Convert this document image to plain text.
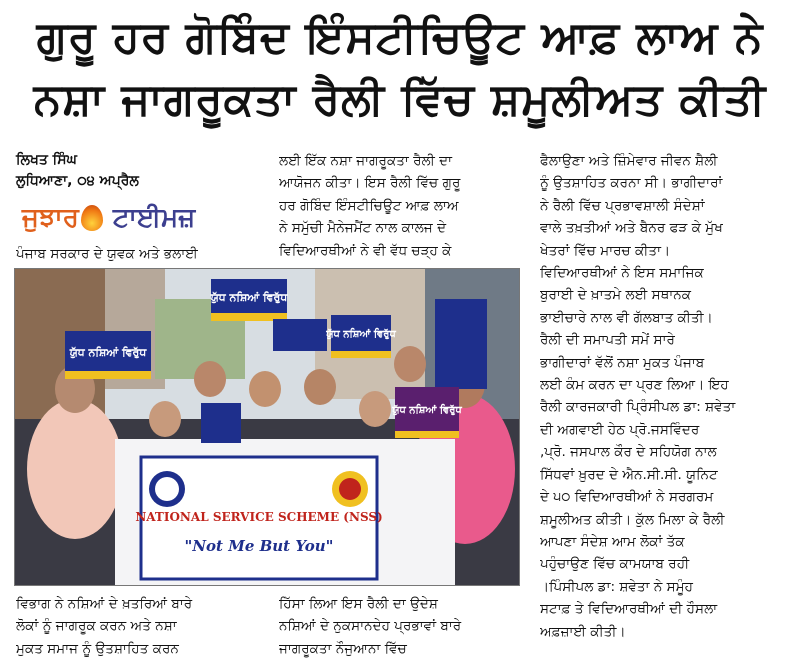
ਗੁਰੂ ਹਰ ਗੋਬਿੰਦ ਇੰਸਟੀਚਿਊਟ ਆਫ਼ ਲਾਅ ਨੇ
ਨਸ਼ਾ ਜਾਗਰੂਕਤਾ ਰੈਲੀ ਵਿੱਚ ਸ਼ਮੂਲੀਅਤ ਕੀਤੀ
ਲਿਖਤ ਸਿੰਘ
ਲੁਧਿਆਣਾ, ੦੪ ਅਪ੍ਰੈਲ
ਜੁਝਾਰ ਟਾਈਮਜ਼

ਪੰਜਾਬ ਸਰਕਾਰ ਦੇ ਯੁਵਕ ਅਤੇ ਭਲਾਈ

ਲਈ ਇੱਕ ਨਸ਼ਾ ਜਾਗਰੂਕਤਾ ਰੈਲੀ ਦਾ

ਆਯੋਜਨ ਕੀਤਾ। ਇਸ ਰੈਲੀ ਵਿੱਚ ਗੁਰੂ

ਹਰ ਗੋਬਿੰਦ ਇੰਸਟੀਚਿਊਟ ਆਫ਼ ਲਾਅ

ਨੇ ਸਮੁੱਚੀ ਮੈਨੇਜਮੈਂਟ ਨਾਲ ਕਾਲਜ ਦੇ

ਵਿਦਿਆਰਥੀਆਂ ਨੇ ਵੀ ਵੱਧ ਚੜ੍ਹ ਕੇ

ਫੈਲਾਉਣਾ ਅਤੇ ਜ਼ਿੰਮੇਵਾਰ ਜੀਵਨ ਸ਼ੈਲੀ

ਨੂੰ ਉਤਸ਼ਾਹਿਤ ਕਰਨਾ ਸੀ। ਭਾਗੀਦਾਰਾਂ

ਨੇ ਰੈਲੀ ਵਿੱਚ ਪ੍ਰਭਾਵਸ਼ਾਲੀ ਸੰਦੇਸ਼ਾਂ

ਵਾਲੇ ਤਖ਼ਤੀਆਂ ਅਤੇ ਬੈਨਰ ਫੜ ਕੇ ਮੁੱਖ

ਖੇਤਰਾਂ ਵਿੱਚ ਮਾਰਚ ਕੀਤਾ।

ਵਿਦਿਆਰਥੀਆਂ ਨੇ ਇਸ ਸਮਾਜਿਕ

ਬੁਰਾਈ ਦੇ ਖ਼ਾਤਮੇ ਲਈ ਸਥਾਨਕ

ਭਾਈਚਾਰੇ ਨਾਲ ਵੀ ਗੱਲਬਾਤ ਕੀਤੀ।

ਰੈਲੀ ਦੀ ਸਮਾਪਤੀ ਸਮੇਂ ਸਾਰੇ

ਭਾਗੀਦਾਰਾਂ ਵੱਲੋਂ ਨਸ਼ਾ ਮੁਕਤ ਪੰਜਾਬ

ਲਈ ਕੰਮ ਕਰਨ ਦਾ ਪ੍ਰਣ ਲਿਆ। ਇਹ

ਰੈਲੀ ਕਾਰਜਕਾਰੀ ਪ੍ਰਿੰਸੀਪਲ ਡਾ: ਸ਼ਵੇਤਾ

ਦੀ ਅਗਵਾਈ ਹੇਠ ਪ੍ਰੋ.ਜਸਵਿੰਦਰ

,ਪ੍ਰੋ. ਜਸਪਾਲ ਕੌਰ ਦੇ ਸਹਿਯੋਗ ਨਾਲ

ਸਿੱਧਵਾਂ ਖ਼ੁਰਦ ਦੇ ਐਨ.ਸੀ.ਸੀ. ਯੂਨਿਟ

ਦੇ ੫੦ ਵਿਦਿਆਰਥੀਆਂ ਨੇ ਸਰਗਰਮ

ਸ਼ਮੂਲੀਅਤ ਕੀਤੀ। ਕੁੱਲ ਮਿਲਾ ਕੇ ਰੈਲੀ

ਆਪਣਾ ਸੰਦੇਸ਼ ਆਮ ਲੋਕਾਂ ਤੱਕ

ਪਹੁੰਚਾਉਣ ਵਿੱਚ ਕਾਮਯਾਬ ਰਹੀ

।ਪਿੰਸੀਪਲ ਡਾ: ਸ਼ਵੇਤਾ ਨੇ ਸਮੂੰਹ

ਸਟਾਫ਼ ਤੇ ਵਿਦਿਆਰਥੀਆਂ ਦੀ ਹੌਸਲਾ

ਅਫ਼ਜ਼ਾਈ ਕੀਤੀ।

ਯੁੱਧ ਨਸ਼ਿਆਂ ਵਿਰੁੱਧ
ਯੁੱਧ ਨਸ਼ਿਆਂ ਵਿਰੁੱਧ
ਯੁੱਧ ਨਸ਼ਿਆਂ ਵਿਰੁੱਧ
ਯੁੱਧ ਨਸ਼ਿਆਂ ਵਿਰੁੱਧ
NATIONAL SERVICE SCHEME (NSS)
"Not Me But You"

ਵਿਭਾਗ ਨੇ ਨਸ਼ਿਆਂ ਦੇ ਖ਼ਤਰਿਆਂ ਬਾਰੇ

ਲੋਕਾਂ ਨੂੰ ਜਾਗਰੂਕ ਕਰਨ ਅਤੇ ਨਸ਼ਾ

ਮੁਕਤ ਸਮਾਜ ਨੂੰ ਉਤਸ਼ਾਹਿਤ ਕਰਨ

ਹਿੱਸਾ ਲਿਆ ਇਸ ਰੈਲੀ ਦਾ ਉਦੇਸ਼

ਨਸ਼ਿਆਂ ਦੇ ਨੁਕਸਾਨਦੇਹ ਪ੍ਰਭਾਵਾਂ ਬਾਰੇ

ਜਾਗਰੂਕਤਾ ਨੌਜੁਆਨਾ ਵਿੱਚ
